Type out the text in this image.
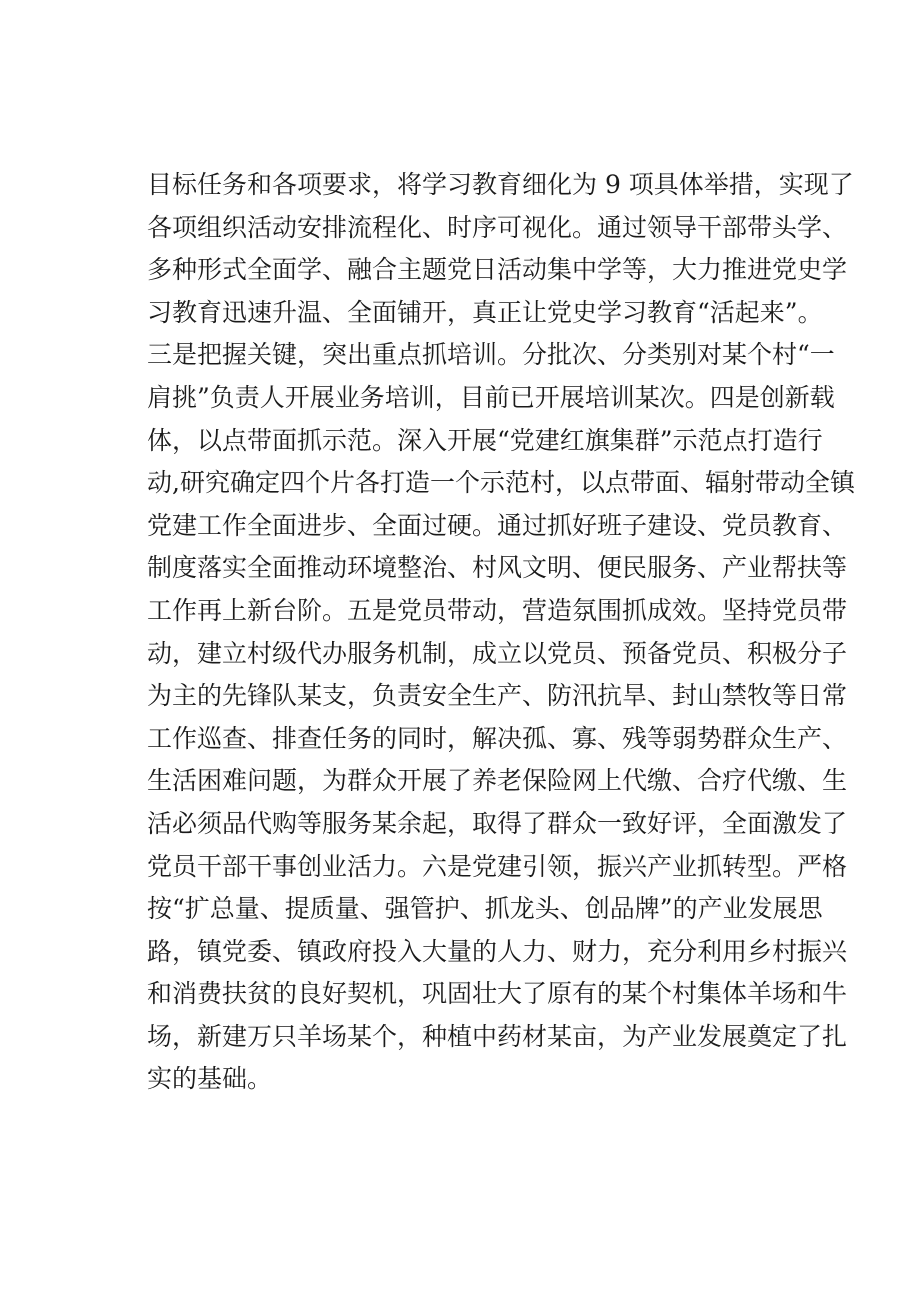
目标任务和各项要求，将学习教育细化为 9 项具体举措，实现了
各项组织活动安排流程化、时序可视化。通过领导干部带头学、
多种形式全面学、融合主题党日活动集中学等，大力推进党史学
习教育迅速升温、全面铺开，真正让党史学习教育“活起来”。
三是把握关键，突出重点抓培训。分批次、分类别对某个村“一
肩挑”负责人开展业务培训，目前已开展培训某次。四是创新载
体，以点带面抓示范。深入开展“党建红旗集群”示范点打造行
动,研究确定四个片各打造一个示范村，以点带面、辐射带动全镇
党建工作全面进步、全面过硬。通过抓好班子建设、党员教育、
制度落实全面推动环境整治、村风文明、便民服务、产业帮扶等
工作再上新台阶。五是党员带动，营造氛围抓成效。坚持党员带
动，建立村级代办服务机制，成立以党员、预备党员、积极分子
为主的先锋队某支，负责安全生产、防汛抗旱、封山禁牧等日常
工作巡查、排查任务的同时，解决孤、寡、残等弱势群众生产、
生活困难问题，为群众开展了养老保险网上代缴、合疗代缴、生
活必须品代购等服务某余起，取得了群众一致好评，全面激发了
党员干部干事创业活力。六是党建引领，振兴产业抓转型。严格
按“扩总量、提质量、强管护、抓龙头、创品牌”的产业发展思
路，镇党委、镇政府投入大量的人力、财力，充分利用乡村振兴
和消费扶贫的良好契机，巩固壮大了原有的某个村集体羊场和牛
场，新建万只羊场某个，种植中药材某亩，为产业发展奠定了扎
实的基础。
